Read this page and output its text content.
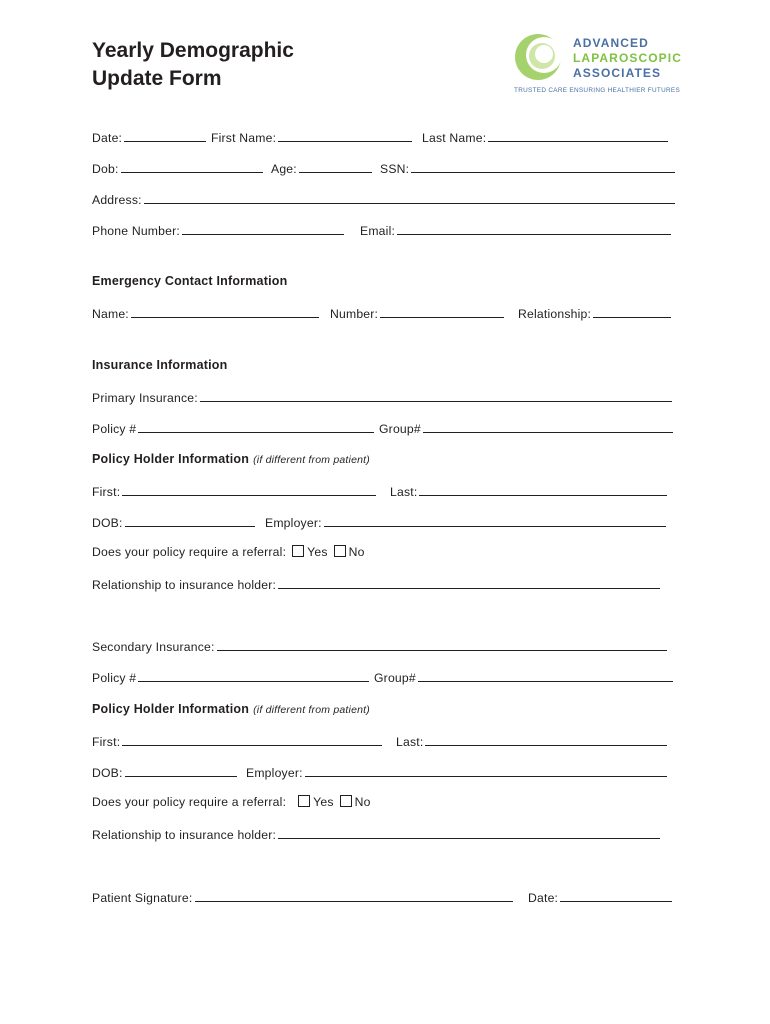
Yearly Demographic
Update Form
ADVANCED
LAPAROSCOPIC
ASSOCIATES
TRUSTED CARE ENSURING HEALTHIER FUTURES
Date:	First Name:	Last Name:
Dob:	Age:	SSN:
Address:
Phone Number:	Email:
Emergency Contact Information
Name:	Number:	Relationship:
Insurance Information
Primary Insurance:
Policy #	Group#
Policy Holder Information (if different from patient)
First:	Last:
DOB:	Employer:
Does your policy require a referral: Yes No
Relationship to insurance holder:
Secondary Insurance:
Policy #	Group#
Policy Holder Information (if different from patient)
First:	Last:
DOB:	Employer:
Does your policy require a referral: Yes No
Relationship to insurance holder:
Patient Signature:	Date:
